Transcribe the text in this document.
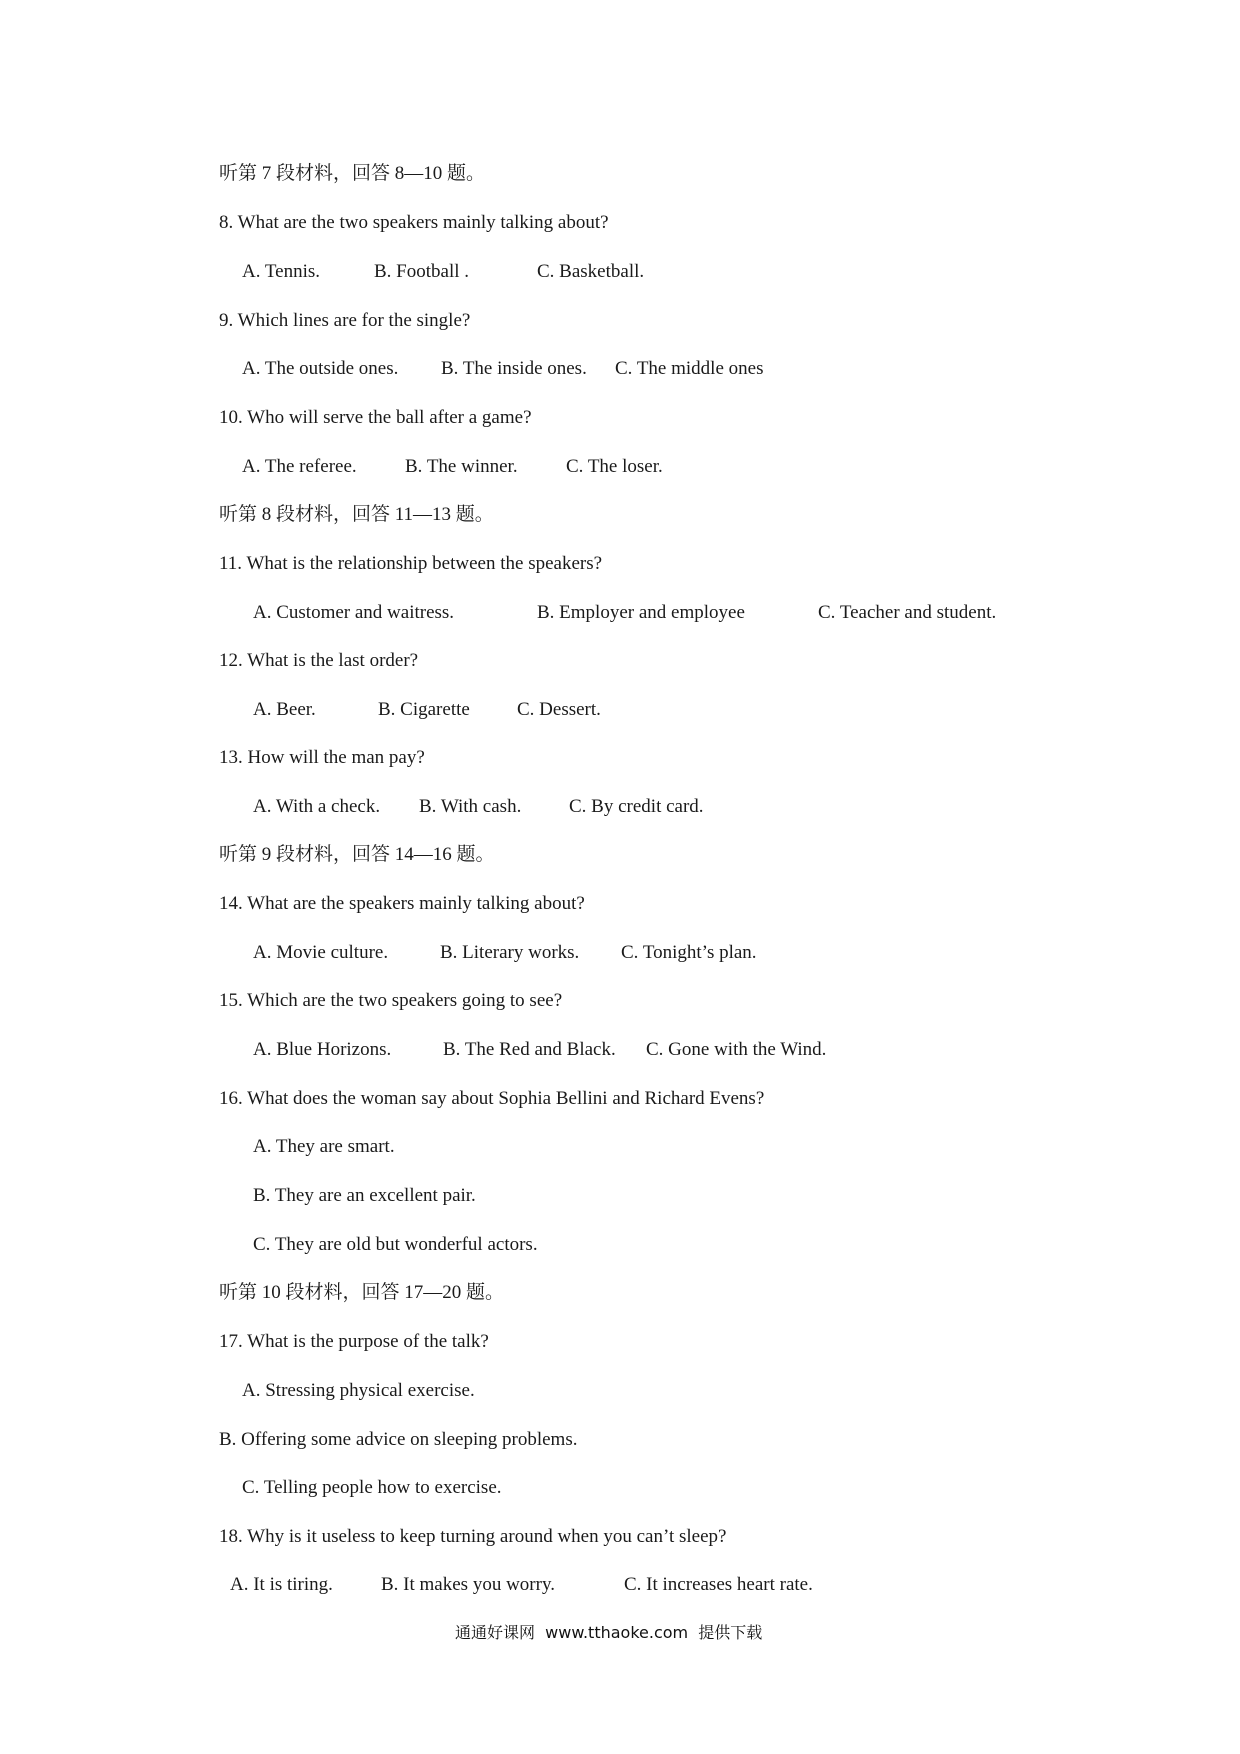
听第 7 段材料，回答 8—10 题。
8. What are the two speakers mainly talking about?
A. Tennis.	B. Football .	C. Basketball.
9. Which lines are for the single?
A. The outside ones. B. The inside ones. C. The middle ones
10. Who will serve the ball after a game?
A. The referee.	B. The winner.	C. The loser.
听第 8 段材料，回答 11—13 题。
11. What is the relationship between the speakers?
A. Customer and waitress.	B. Employer and employee	C. Teacher and student.
12. What is the last order?
A. Beer.	B. Cigarette C. Dessert.
13. How will the man pay?
A. With a check. B. With cash.	C. By credit card.
听第 9 段材料，回答 14—16 题。
14. What are the speakers mainly talking about?
A. Movie culture.	B. Literary works. C. Tonight’s plan.
15. Which are the two speakers going to see?
A. Blue Horizons.	B. The Red and Black. C. Gone with the Wind.
16. What does the woman say about Sophia Bellini and Richard Evens?
A. They are smart.
B. They are an excellent pair.
C. They are old but wonderful actors.
听第 10 段材料，回答 17—20 题。
17. What is the purpose of the talk?
A. Stressing physical exercise.
B. Offering some advice on sleeping problems.
C. Telling people how to exercise.
18. Why is it useless to keep turning around when you can’t sleep?
A. It is tiring.	B. It makes you worry.	C. It increases heart rate.
通通好课网  www.tthaoke.com  提供下载
